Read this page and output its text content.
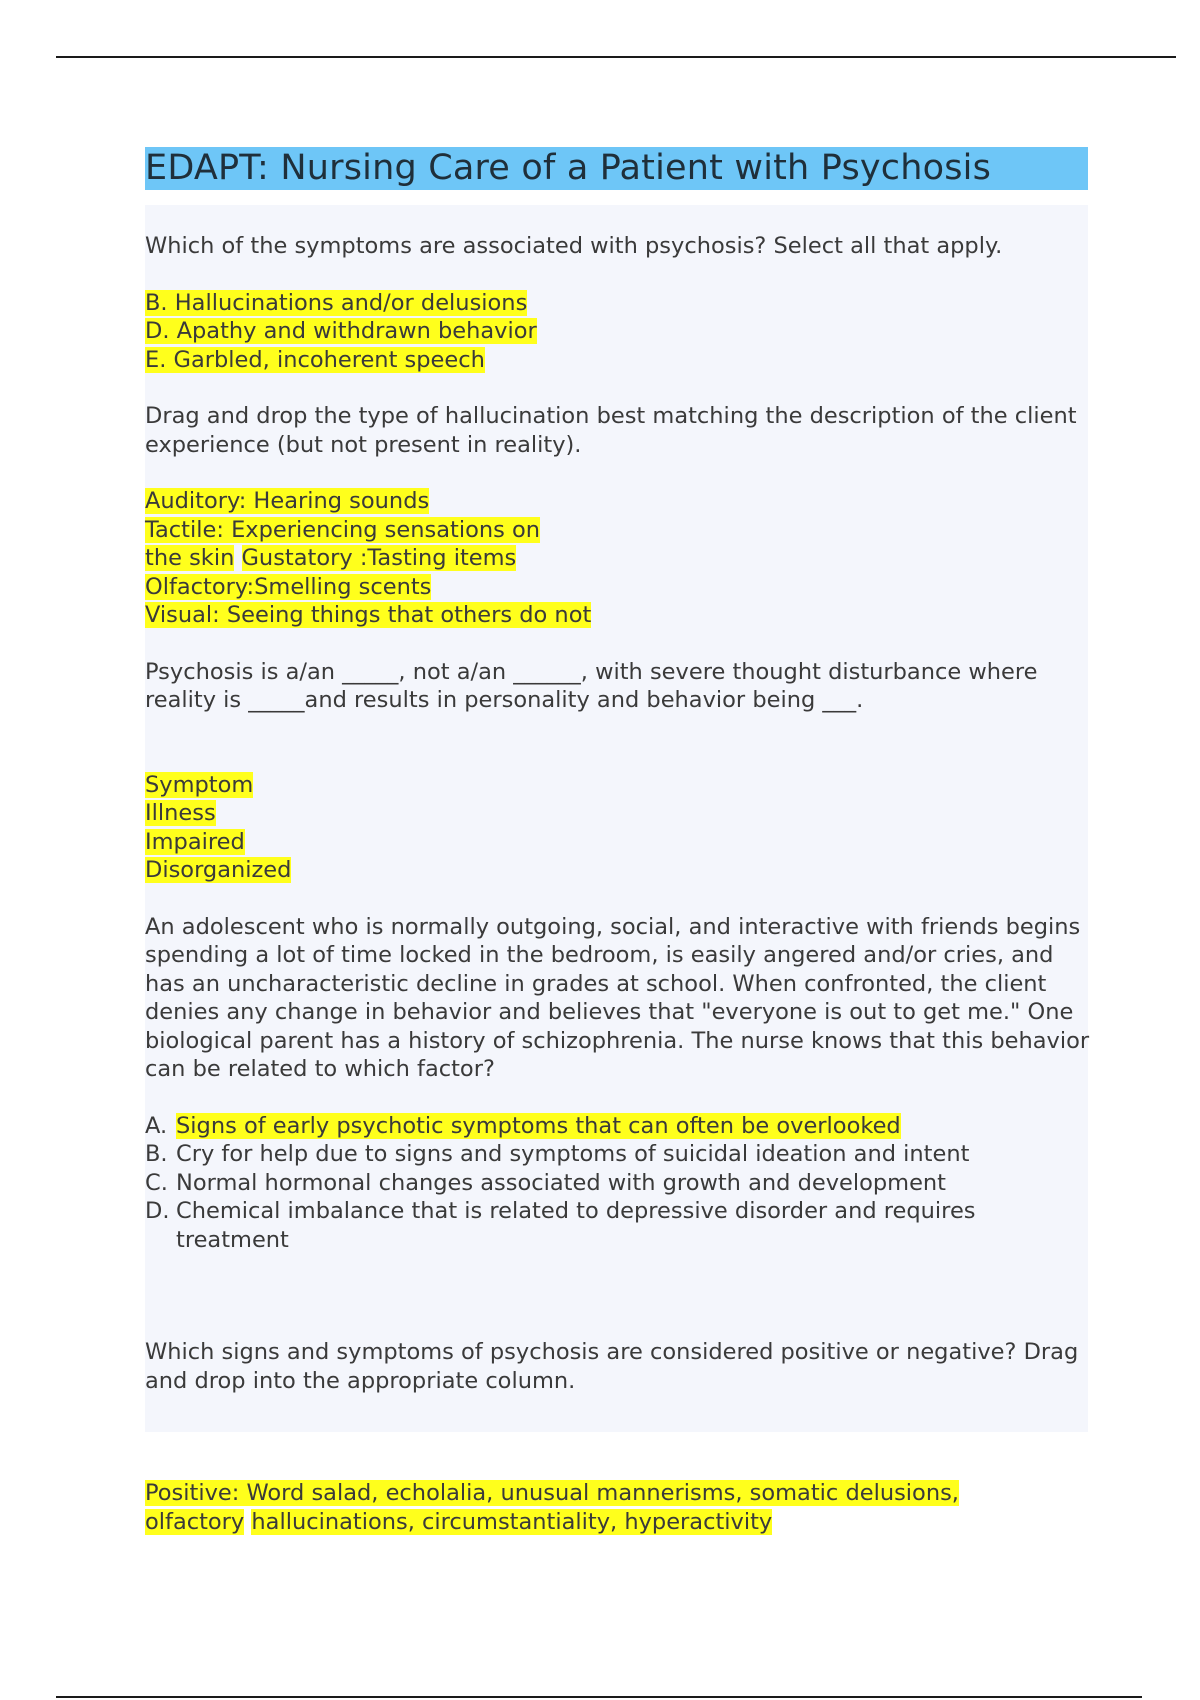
EDAPT: Nursing Care of a Patient with Psychosis

Which of the symptoms are associated with psychosis? Select all that apply.

B. Hallucinations and/or delusions
D. Apathy and withdrawn behavior
E. Garbled, incoherent speech

Drag and drop the type of hallucination best matching the description of the client experience (but not present in reality).

Auditory: Hearing sounds
Tactile: Experiencing sensations on
the skin Gustatory :Tasting items
Olfactory:Smelling scents
Visual: Seeing things that others do not

Psychosis is a/an _____, not a/an ______, with severe thought disturbance where reality is _____and results in personality and behavior being ___.

Symptom
Illness
Impaired
Disorganized

An adolescent who is normally outgoing, social, and interactive with friends begins spending a lot of time locked in the bedroom, is easily angered and/or cries, and has an uncharacteristic decline in grades at school. When confronted, the client denies any change in behavior and believes that "everyone is out to get me." One biological parent has a history of schizophrenia. The nurse knows that this behavior can be related to which factor?

A. Signs of early psychotic symptoms that can often be overlooked
B. Cry for help due to signs and symptoms of suicidal ideation and intent
C. Normal hormonal changes associated with growth and development
D. Chemical imbalance that is related to depressive disorder and requires treatment

Which signs and symptoms of psychosis are considered positive or negative? Drag and drop into the appropriate column.

Positive: Word salad, echolalia, unusual mannerisms, somatic delusions,
olfactory hallucinations, circumstantiality, hyperactivity
